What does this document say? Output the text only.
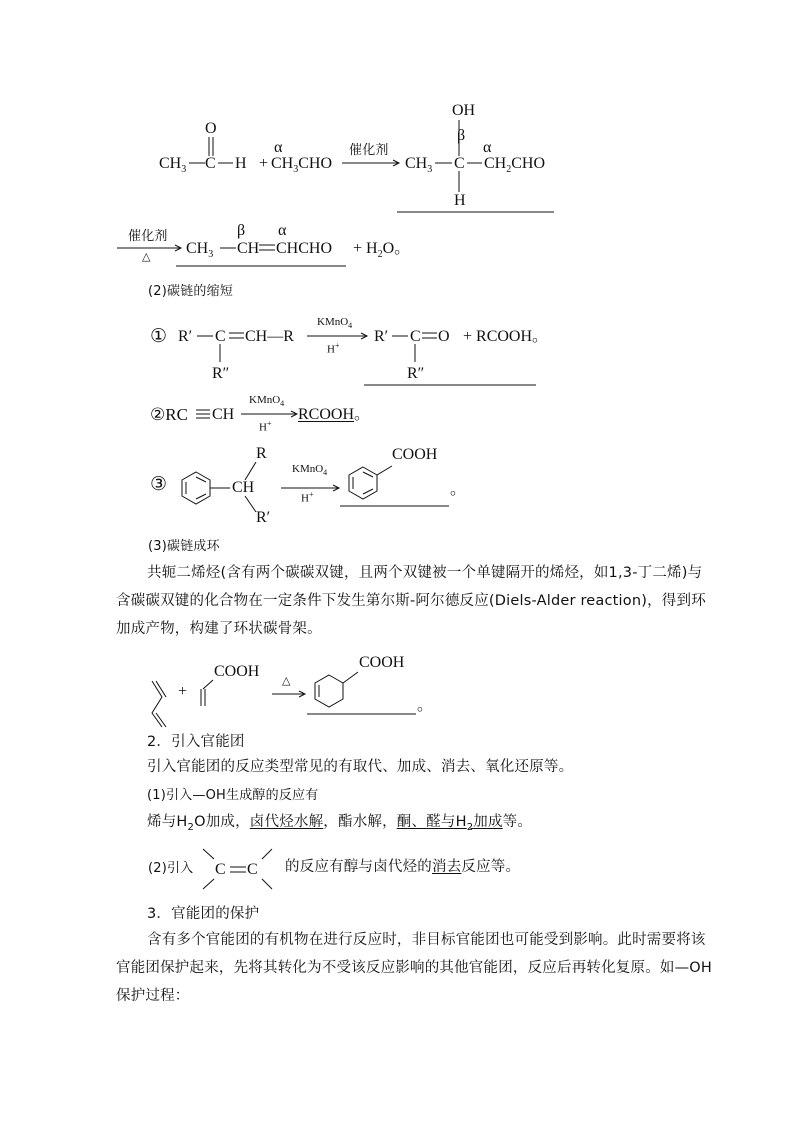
O
$CH_3$ C H
α
+ $CH_3CHO$
催化剂
OH
β
α
$CH_3$ C $CH_2CHO$
H
催化剂
△ $CH_3$
β
CH
α
CHCHO + $H_2O$。
(2)碳链的缩短
① R′ C CH—R
R″
KMnO$_4$
H+
R′ C O
R″
+ RCOOH。
②RC CH
KMnO$_4$
H+
RCOOH。
③
R
CH
R′
KMnO$_4$
H+
COOH
。
(3)碳链成环
共轭二烯烃(含有两个碳碳双键，且两个双键被一个单键隔开的烯烃，如1,3-丁二烯)与
含碳碳双键的化合物在一定条件下发生第尔斯-阿尔德反应(Diels-Alder reaction)，得到环
加成产物，构建了环状碳骨架。
+
COOH
△
COOH
。
2．引入官能团
引入官能团的反应类型常见的有取代、加成、消去、氧化还原等。
(1)引入—OH生成醇的反应有
烯与$H_2O$加成，卤代烃水解，酯水解，酮、醛与$H_2$加成等。
(2)引入 C C 的反应有醇与卤代烃的消去反应等。
3．官能团的保护
含有多个官能团的有机物在进行反应时，非目标官能团也可能受到影响。此时需要将该
官能团保护起来，先将其转化为不受该反应影响的其他官能团，反应后再转化复原。如—OH
保护过程：
